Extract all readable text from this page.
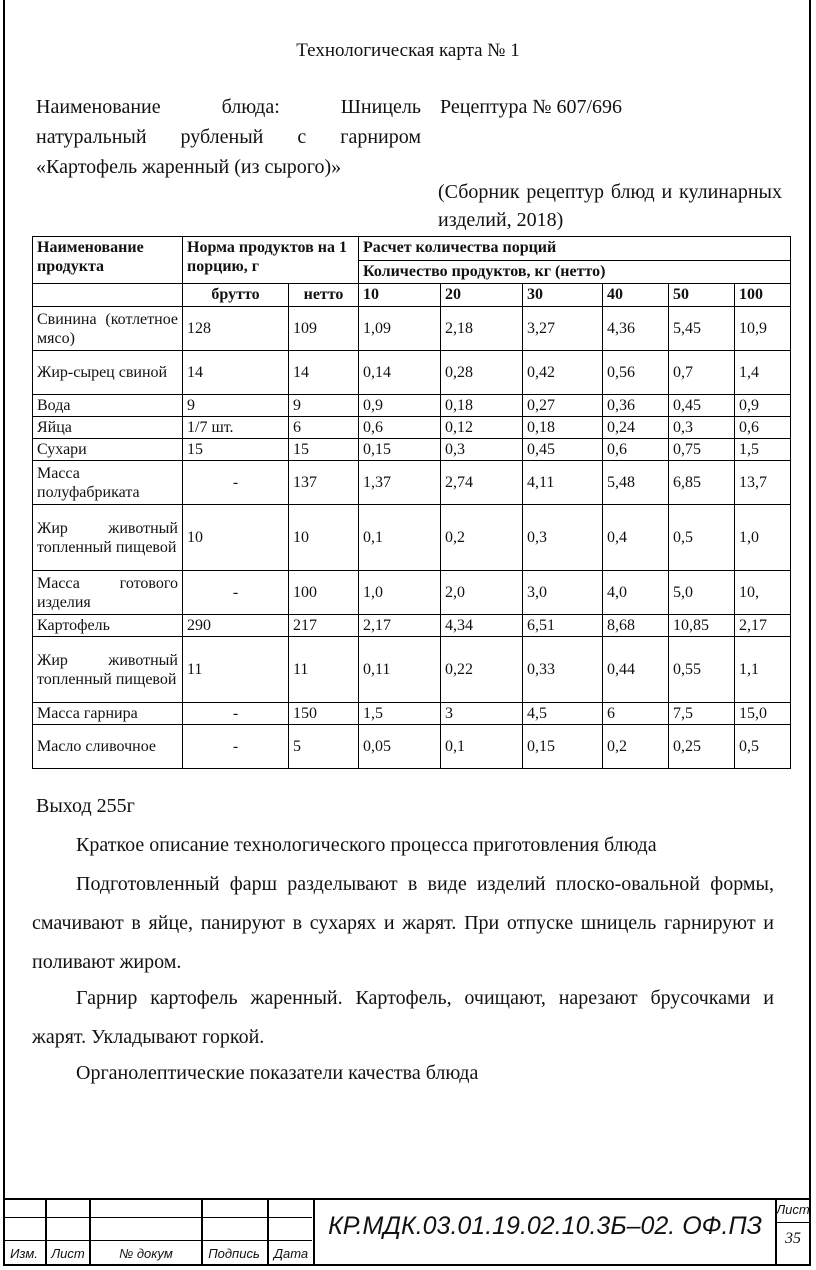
Технологическая карта № 1
Наименование блюда: Шницель натуральный рубленый с гарниром «Картофель жаренный (из сырого)»
Рецептура № 607/696
(Сборник рецептур блюд и кулинарных изделий, 2018)
Наименование продукта	Норма продуктов на 1 порцию, г		Расчет количества порций					
			Количество продуктов, кг (нетто)					
	брутто	нетто	10	20	30	40	50	100
Свинина (котлетное мясо)	128	109	1,09	2,18	3,27	4,36	5,45	10,9
Жир-сырец свиной	14	14	0,14	0,28	0,42	0,56	0,7	1,4
Вода	9	9	0,9	0,18	0,27	0,36	0,45	0,9
Яйца	1/7 шт.	6	0,6	0,12	0,18	0,24	0,3	0,6
Сухари	15	15	0,15	0,3	0,45	0,6	0,75	1,5
Масса полуфабриката	-	137	1,37	2,74	4,11	5,48	6,85	13,7
Жир животный топленный пищевой	10	10	0,1	0,2	0,3	0,4	0,5	1,0
Масса готового изделия	-	100	1,0	2,0	3,0	4,0	5,0	10,
Картофель	290	217	2,17	4,34	6,51	8,68	10,85	2,17
Жир животный топленный пищевой	11	11	0,11	0,22	0,33	0,44	0,55	1,1
Масса гарнира	-	150	1,5	3	4,5	6	7,5	15,0
Масло сливочное	-	5	0,05	0,1	0,15	0,2	0,25	0,5
Выход 255г
Краткое описание технологического процесса приготовления блюда
Подготовленный фарш разделывают в виде изделий плоско-овальной формы, смачивают в яйце, панируют в сухарях и жарят. При отпуске шницель гарнируют и поливают жиром.
Гарнир картофель жаренный. Картофель, очищают, нарезают брусочками и жарят. Укладывают горкой.
Органолептические показатели качества блюда
Изм.	Лист	№ докум	Подпись	Дата
КР.МДК.03.01.19.02.10.3Б–02. ОФ.ПЗ
Лист
35
